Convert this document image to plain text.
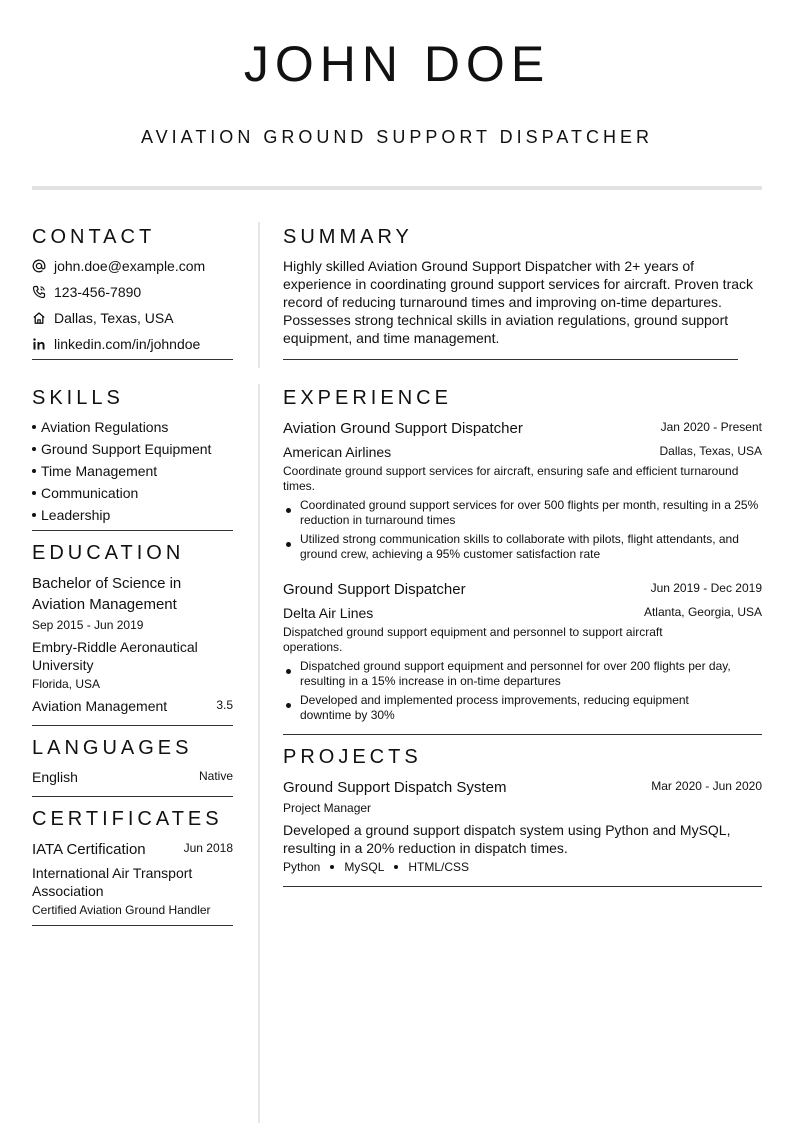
JOHN DOE
AVIATION GROUND SUPPORT DISPATCHER
CONTACT
john.doe@example.com
123-456-7890
Dallas, Texas, USA
linkedin.com/in/johndoe
SKILLS
Aviation Regulations
Ground Support Equipment
Time Management
Communication
Leadership
EDUCATION
Bachelor of Science in
Aviation Management
Sep 2015 - Jun 2019
Embry-Riddle Aeronautical
University
Florida, USA
Aviation Management	3.5
LANGUAGES
English	Native
CERTIFICATES
IATA Certification	Jun 2018
International Air Transport
Association
Certified Aviation Ground Handler
SUMMARY
Highly skilled Aviation Ground Support Dispatcher with 2+ years of experience in coordinating ground support services for aircraft. Proven track record of reducing turnaround times and improving on-time departures. Possesses strong technical skills in aviation regulations, ground support equipment, and time management.
EXPERIENCE
Aviation Ground Support Dispatcher	Jan 2020 - Present
American Airlines	Dallas, Texas, USA
Coordinate ground support services for aircraft, ensuring safe and efficient turnaround times.
Coordinated ground support services for over 500 flights per month, resulting in a 25% reduction in turnaround times
Utilized strong communication skills to collaborate with pilots, flight attendants, and ground crew, achieving a 95% customer satisfaction rate
Ground Support Dispatcher	Jun 2019 - Dec 2019
Delta Air Lines	Atlanta, Georgia, USA
Dispatched ground support equipment and personnel to support aircraft operations.
Dispatched ground support equipment and personnel for over 200 flights per day, resulting in a 15% increase in on-time departures
Developed and implemented process improvements, reducing equipment downtime by 30%
PROJECTS
Ground Support Dispatch System	Mar 2020 - Jun 2020
Project Manager
Developed a ground support dispatch system using Python and MySQL, resulting in a 20% reduction in dispatch times.
Python MySQL HTML/CSS
